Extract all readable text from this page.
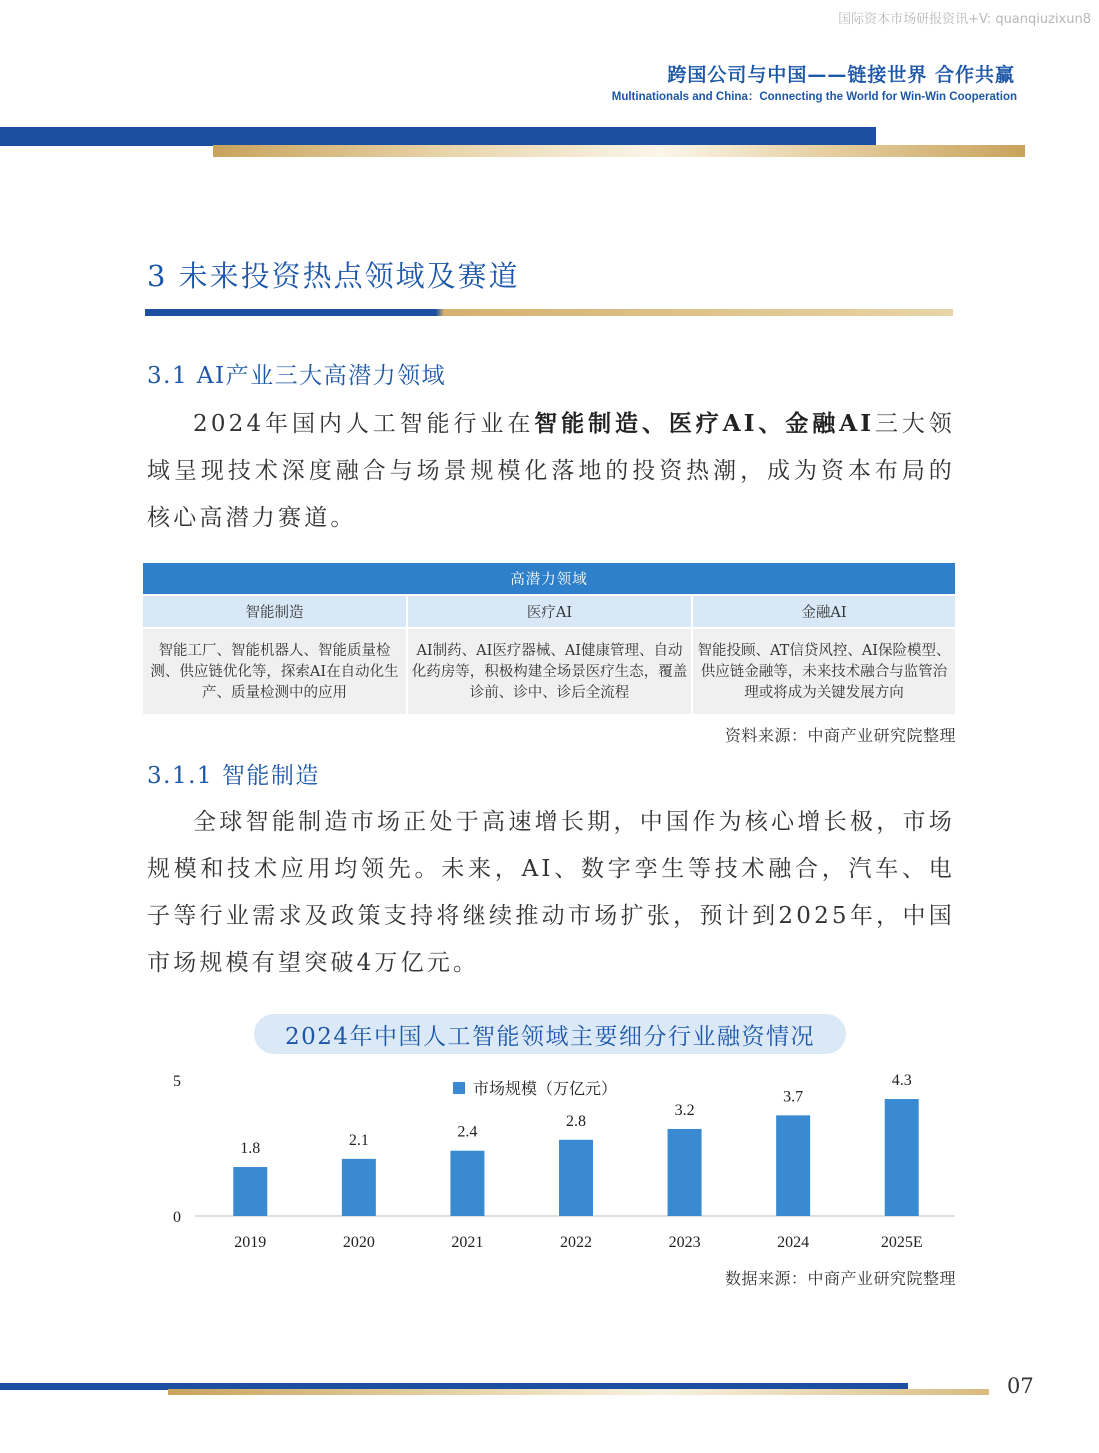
国际资本市场研报资讯+V: quanqiuzixun8
跨国公司与中国——链接世界 合作共赢
Multinationals and China：Connecting the World for Win-Win Cooperation
3 未来投资热点领域及赛道
3.1 AI产业三大高潜力领域

2024年国内人工智能行业在智能制造、医疗AI、金融AI三大领域呈现技术深度融合与场景规模化落地的投资热潮，成为资本布局的核心高潜力赛道。

高潜力领域		
智能制造	医疗AI	金融AI
智能工厂、智能机器人、智能质量检测、供应链优化等，探索AI在自动化生产、质量检测中的应用	AI制药、AI医疗器械、AI健康管理、自动化药房等，积极构建全场景医疗生态，覆盖诊前、诊中、诊后全流程	智能投顾、AT信贷风控、AI保险模型、供应链金融等，未来技术融合与监管治理或将成为关键发展方向
资料来源：中商产业研究院整理
3.1.1 智能制造

全球智能制造市场正处于高速增长期，中国作为核心增长极，市场规模和技术应用均领先。未来，AI、数字孪生等技术融合，汽车、电子等行业需求及政策支持将继续推动市场扩张，预计到2025年，中国市场规模有望突破4万亿元。

2024年中国人工智能领域主要细分行业融资情况
0
5	市场规模（万亿元）
1.8
2019
2.1
2020
2.4
2021
2.8
2022
3.2
2023
3.7
2024
4.3
2025E
数据来源：中商产业研究院整理
07
